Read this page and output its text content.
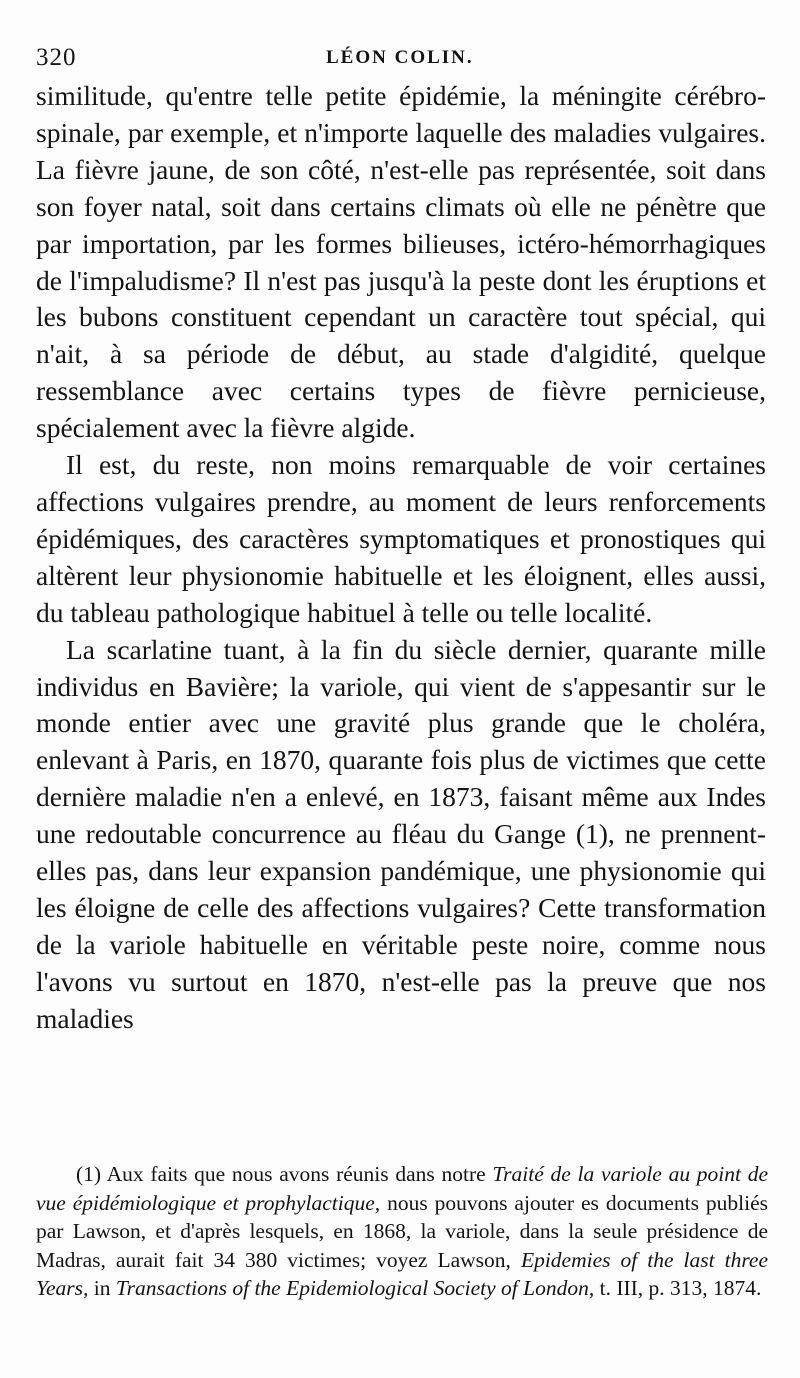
320	LÉON COLIN.

similitude, qu'entre telle petite épidémie, la méningite cérébro-spinale, par exemple, et n'importe laquelle des maladies vulgaires. La fièvre jaune, de son côté, n'est-elle pas représentée, soit dans son foyer natal, soit dans certains climats où elle ne pénètre que par importation, par les formes bilieuses, ictéro-hémorrhagiques de l'impaludisme? Il n'est pas jusqu'à la peste dont les éruptions et les bubons constituent cependant un caractère tout spécial, qui n'ait, à sa période de début, au stade d'algidité, quelque ressemblance avec certains types de fièvre pernicieuse, spécialement avec la fièvre algide.

Il est, du reste, non moins remarquable de voir certaines affections vulgaires prendre, au moment de leurs renforcements épidémiques, des caractères symptomatiques et pronostiques qui altèrent leur physionomie habituelle et les éloignent, elles aussi, du tableau pathologique habituel à telle ou telle localité.

La scarlatine tuant, à la fin du siècle dernier, quarante mille individus en Bavière; la variole, qui vient de s'appesantir sur le monde entier avec une gravité plus grande que le choléra, enlevant à Paris, en 1870, quarante fois plus de victimes que cette dernière maladie n'en a enlevé, en 1873, faisant même aux Indes une redoutable concurrence au fléau du Gange (1), ne prennent-elles pas, dans leur expansion pandémique, une physionomie qui les éloigne de celle des affections vulgaires? Cette transformation de la variole habituelle en véritable peste noire, comme nous l'avons vu surtout en 1870, n'est-elle pas la preuve que nos maladies

(1) Aux faits que nous avons réunis dans notre Traité de la variole au point de vue épidémiologique et prophylactique, nous pouvons ajouter es documents publiés par Lawson, et d'après lesquels, en 1868, la variole, dans la seule présidence de Madras, aurait fait 34 380 victimes; voyez Lawson, Epidemies of the last three Years, in Transactions of the Epidemiological Society of London, t. III, p. 313, 1874.
